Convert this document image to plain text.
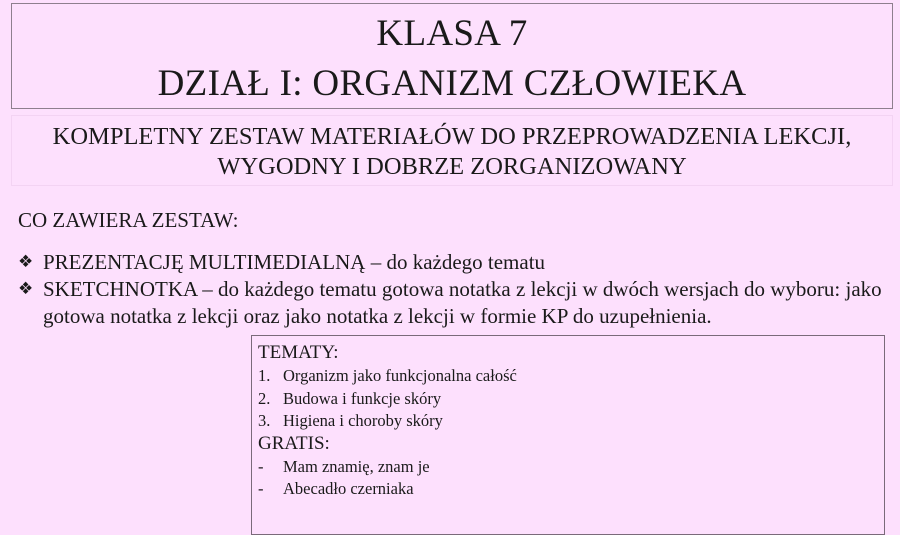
KLASA 7
DZIAŁ I: ORGANIZM CZŁOWIEKA
KOMPLETNY ZESTAW MATERIAŁÓW DO PRZEPROWADZENIA LEKCJI,
WYGODNY I DOBRZE ZORGANIZOWANY
CO ZAWIERA ZESTAW:
❖ PREZENTACJĘ MULTIMEDIALNĄ – do każdego tematu
❖ SKETCHNOTKA – do każdego tematu gotowa notatka z lekcji w dwóch wersjach do wyboru: jako gotowa notatka z lekcji oraz jako notatka z lekcji w formie KP do uzupełnienia.
TEMATY:
1. Organizm jako funkcjonalna całość
2. Budowa i funkcje skóry
3. Higiena i choroby skóry
GRATIS:
- Mam znamię, znam je
- Abecadło czerniaka
